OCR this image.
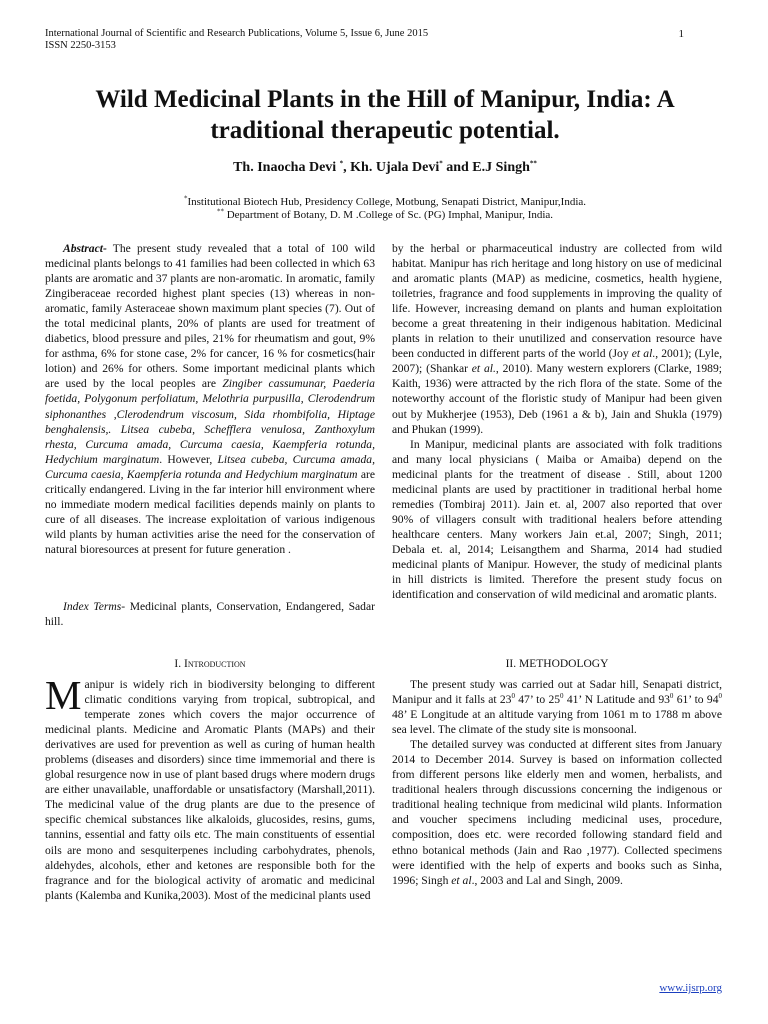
International Journal of Scientific and Research Publications, Volume 5, Issue 6, June 2015
ISSN 2250-3153
1
Wild Medicinal Plants in the Hill of Manipur, India: A
traditional therapeutic potential.
Th. Inaocha Devi *, Kh. Ujala Devi* and E.J Singh**
*Institutional Biotech Hub, Presidency College, Motbung, Senapati District, Manipur,India.
** Department of Botany, D. M .College of Sc. (PG) Imphal, Manipur, India.

Abstract- The present study revealed that a total of 100 wild medicinal plants belongs to 41 families had been collected in which 63 plants are aromatic and 37 plants are non-aromatic. In aromatic, family Zingiberaceae recorded highest plant species (13) whereas in non-aromatic, family Asteraceae shown maximum plant species (7). Out of the total medicinal plants, 20% of plants are used for treatment of diabetics, blood pressure and piles, 21% for rheumatism and gout, 9% for asthma, 6% for stone case, 2% for cancer, 16 % for cosmetics(hair lotion) and 26% for others. Some important medicinal plants which are used by the local peoples are Zingiber cassumunar, Paederia foetida, Polygonum perfoliatum, Melothria purpusilla, Clerodendrum siphonanthes ,Clerodendrum viscosum, Sida rhombifolia, Hiptage benghalensis,. Litsea cubeba, Schefflera venulosa, Zanthoxylum rhesta, Curcuma amada, Curcuma caesia, Kaempferia rotunda, Hedychium marginatum. However, Litsea cubeba, Curcuma amada, Curcuma caesia, Kaempferia rotunda and Hedychium marginatum are critically endangered. Living in the far interior hill environment where no immediate modern medical facilities depends mainly on plants to cure of all diseases. The increase exploitation of various indigenous wild plants by human activities arise the need for the conservation of natural bioresources at present for future generation .

Index Terms- Medicinal plants, Conservation, Endangered, Sadar hill.

by the herbal or pharmaceutical industry are collected from wild habitat. Manipur has rich heritage and long history on use of medicinal and aromatic plants (MAP) as medicine, cosmetics, health hygiene, toiletries, fragrance and food supplements in improving the quality of life. However, increasing demand on plants and human exploitation become a great threatening in their indigenous habitation. Medicinal plants in relation to their unutilized and conservation resource have been conducted in different parts of the world (Joy et al., 2001); (Lyle, 2007); (Shankar et al., 2010). Many western explorers (Clarke, 1989; Kaith, 1936) were attracted by the rich flora of the state. Some of the noteworthy account of the floristic study of Manipur had been given out by Mukherjee (1953), Deb (1961 a & b), Jain and Shukla (1979) and Phukan (1999).

In Manipur, medicinal plants are associated with folk traditions and many local physicians ( Maiba or Amaiba) depend on the medicinal plants for the treatment of disease . Still, about 1200 medicinal plants are used by practitioner in traditional herbal home remedies (Tombiraj 2011). Jain et. al, 2007 also reported that over 90% of villagers consult with traditional healers before attending healthcare centers. Many workers Jain et.al, 2007; Singh, 2011; Debala et. al, 2014; Leisangthem and Sharma, 2014 had studied medicinal plants of Manipur. However, the study of medicinal plants in hill districts is limited. Therefore the present study focus on identification and conservation of wild medicinal and aromatic plants.

I. Introduction

Manipur is widely rich in biodiversity belonging to different climatic conditions varying from tropical, subtropical, and temperate zones which covers the major occurrence of medicinal plants. Medicine and Aromatic Plants (MAPs) and their derivatives are used for prevention as well as curing of human health problems (diseases and disorders) since time immemorial and there is global resurgence now in use of plant based drugs where modern drugs are either unavailable, unaffordable or unsatisfactory (Marshall,2011). The medicinal value of the drug plants are due to the presence of specific chemical substances like alkaloids, glucosides, resins, gums, tannins, essential and fatty oils etc. The main constituents of essential oils are mono and sesquiterpenes including carbohydrates, phenols, aldehydes, alcohols, ether and ketones are responsible both for the fragrance and for the biological activity of aromatic and medicinal plants (Kalemba and Kunika,2003). Most of the medicinal plants used

II. METHODOLOGY

The present study was carried out at Sadar hill, Senapati district, Manipur and it falls at $23^0$ 47’ to $25^0$ 41’ N Latitude and $93^0$ 61’ to $94^0$ 48’ E Longitude at an altitude varying from 1061 m to 1788 m above sea level. The climate of the study site is monsoonal.

The detailed survey was conducted at different sites from January 2014 to December 2014. Survey is based on information collected from different persons like elderly men and women, herbalists, and traditional healers through discussions concerning the indigenous or traditional healing technique from medicinal wild plants. Information and voucher specimens including medicinal uses, procedure, composition, does etc. were recorded following standard field and ethno botanical methods (Jain and Rao ,1977). Collected specimens were identified with the help of experts and books such as Sinha, 1996; Singh et al., 2003 and Lal and Singh, 2009.

www.ijsrp.org
